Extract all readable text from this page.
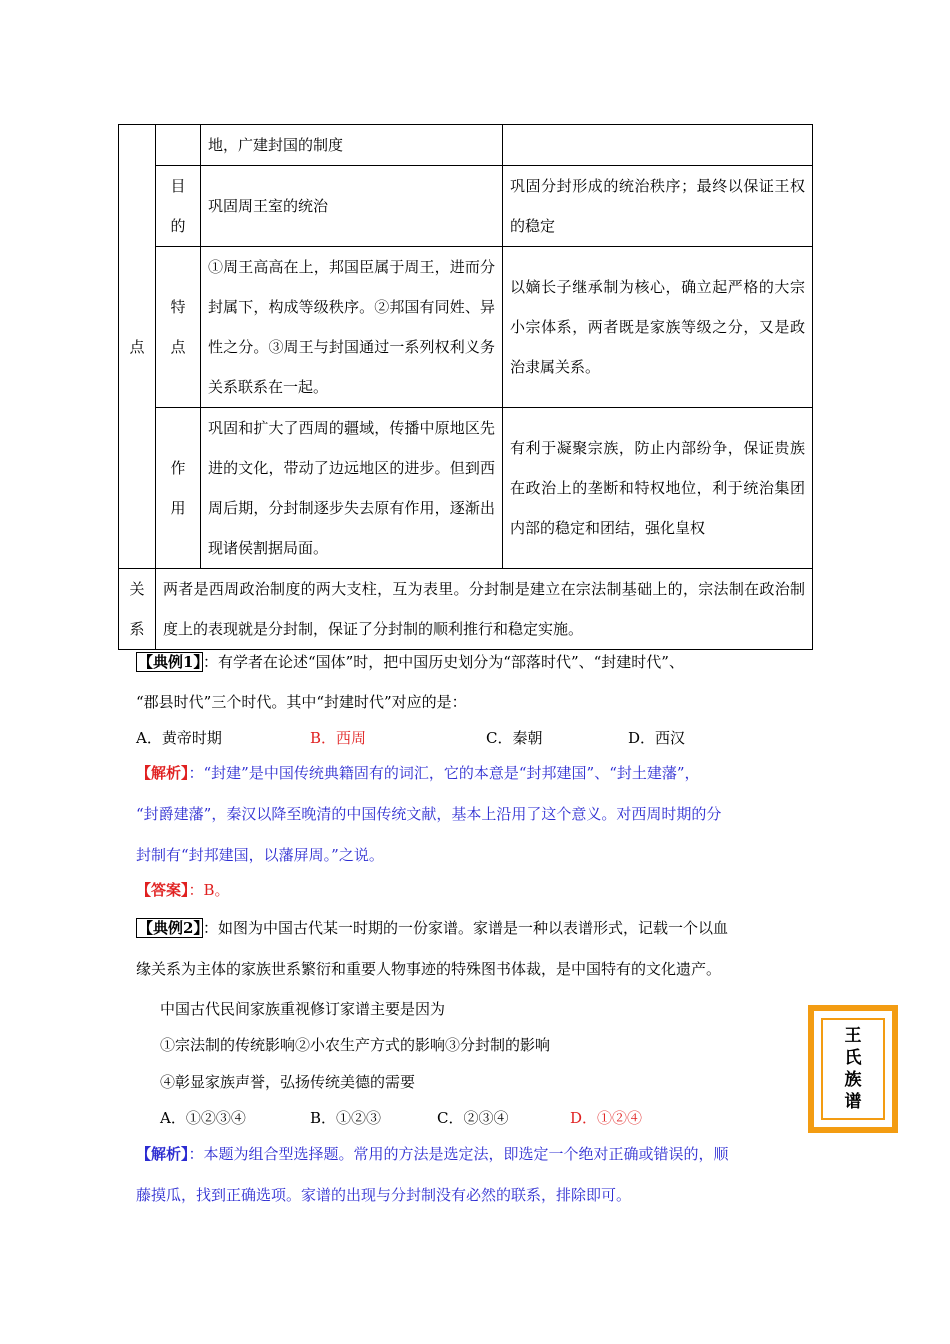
点		地，广建封国的制度	

	目的	巩固周王室的统治	巩固分封形成的统治秩序；最终以保证王权的稳定

	特点	①周王高高在上，邦国臣属于周王，进而分封属下，构成等级秩序。②邦国有同姓、异性之分。③周王与封国通过一系列权利义务关系联系在一起。	以嫡长子继承制为核心，确立起严格的大宗小宗体系，两者既是家族等级之分，又是政治隶属关系。

	作用	巩固和扩大了西周的疆域，传播中原地区先进的文化，带动了边远地区的进步。但到西周后期，分封制逐步失去原有作用，逐渐出现诸侯割据局面。	有利于凝聚宗族，防止内部纷争，保证贵族在政治上的垄断和特权地位，利于统治集团内部的稳定和团结，强化皇权

关系	两者是西周政治制度的两大支柱，互为表里。分封制是建立在宗法制基础上的，宗法制在政治制度上的表现就是分封制，保证了分封制的顺利推行和稳定实施。		
【典例1】 ：有学者在论述“国体”时，把中国历史划分为“部落时代”、“封建时代”、
“郡县时代”三个时代。其中“封建时代”对应的是：
A．黄帝时期	B．西周	C．秦朝	D．西汉
【解析】：“封建”是中国传统典籍固有的词汇，它的本意是“封邦建国”、“封土建藩”，
“封爵建藩”，秦汉以降至晚清的中国传统文献，基本上沿用了这个意义。对西周时期的分
封制有“封邦建国，以藩屏周。”之说。
【答案】：B。
【典例2】 ：如图为中国古代某一时期的一份家谱。家谱是一种以表谱形式，记载一个以血
缘关系为主体的家族世系繁衍和重要人物事迹的特殊图书体裁，是中国特有的文化遗产。
中国古代民间家族重视修订家谱主要是因为
①宗法制的传统影响②小农生产方式的影响③分封制的影响
④彰显家族声誉，弘扬传统美德的需要
A．①②③④	B．①②③	C．②③④	D．①②④
【解析】：本题为组合型选择题。常用的方法是选定法，即选定一个绝对正确或错误的，顺
藤摸瓜，找到正确选项。家谱的出现与分封制没有必然的联系，排除即可。
王
氏
族
谱
